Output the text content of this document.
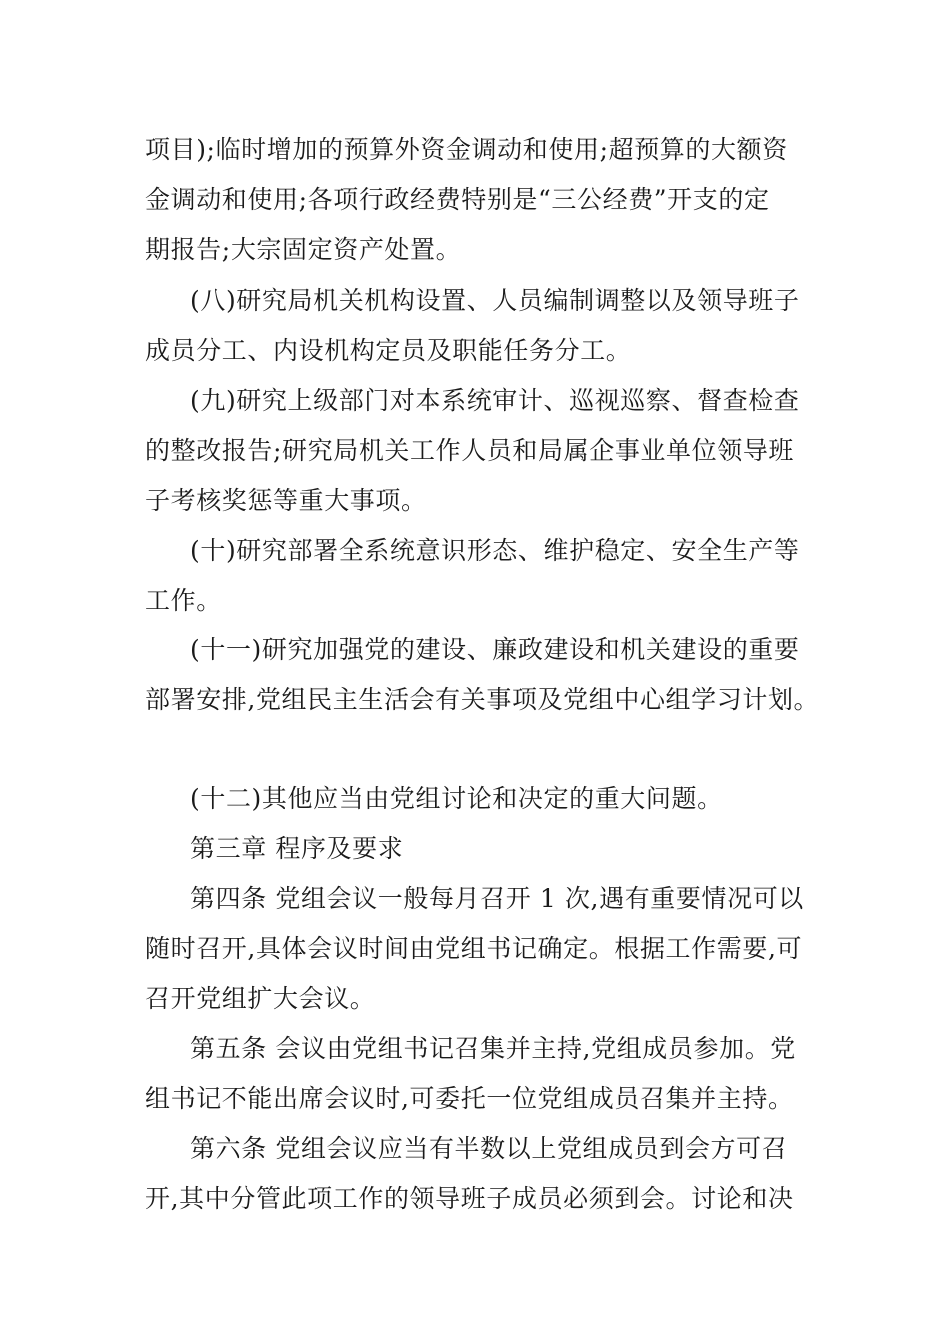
项目);临时增加的预算外资金调动和使用;超预算的大额资
金调动和使用;各项行政经费特别是“三公经费”开支的定
期报告;大宗固定资产处置。
(八)研究局机关机构设置、人员编制调整以及领导班子
成员分工、内设机构定员及职能任务分工。
(九)研究上级部门对本系统审计、巡视巡察、督查检查
的整改报告;研究局机关工作人员和局属企事业单位领导班
子考核奖惩等重大事项。
(十)研究部署全系统意识形态、维护稳定、安全生产等
工作。
(十一)研究加强党的建设、廉政建设和机关建设的重要
部署安排,党组民主生活会有关事项及党组中心组学习计划。
(十二)其他应当由党组讨论和决定的重大问题。
第三章 程序及要求
第四条 党组会议一般每月召开 1 次,遇有重要情况可以
随时召开,具体会议时间由党组书记确定。根据工作需要,可
召开党组扩大会议。
第五条 会议由党组书记召集并主持,党组成员参加。党
组书记不能出席会议时,可委托一位党组成员召集并主持。
第六条 党组会议应当有半数以上党组成员到会方可召
开,其中分管此项工作的领导班子成员必须到会。讨论和决
